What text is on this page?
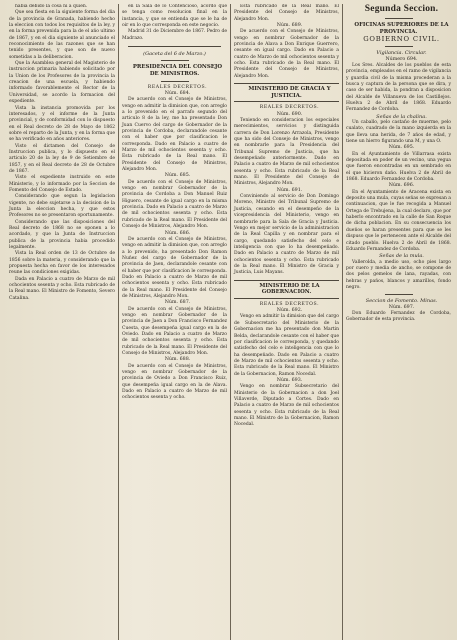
habia debido la cosa ni a quien.

Que sea fiesta en la siguiente forma del dia de la provincia de Granada, habiendo hecho la eleccion con todos los requisitos de la ley, y en la forma prevenida para la de el año ultimo de 1867, y en el dia siguiente al anunciado el reconocimiento de las razones que se han tenido presentes, y que son de nuevo sometidas a la deliberacion.

Que la Asamblea general del Magisterio de instruccion primaria habiendo solicitado por la Union de los Profesores de la provincia la creacion de una escuela, y habiendo informado favorablemente el Rector de la Universidad, se acordo la formacion del expediente.

Vista la instancia promovida por los interesados, y el informe de la Junta provincial, y de conformidad con lo dispuesto en el Real decreto de 28 de Mayo de 1862 sobre el reparto de la Junta, y en la forma que se ha verificado en años anteriores.

Visto el dictamen del Consejo de Instruccion publica, y lo dispuesto en el articulo 20 de la ley de 9 de Setiembre de 1857, y en el Real decreto de 28 de Octubre de 1867.

Visto el expediente instruido en este Ministerio, y lo informado por la Seccion de Fomento del Consejo de Estado.

Considerando que segun la legislacion vigente, no debe sujetarse a la decision de la Junta la eleccion hecha, y que estos Profesores no se presentaron oportunamente.

Considerando que las disposiciones del Real decreto de 1868 no se oponen a lo acordado, y que la Junta de Instruccion publica de la provincia habia procedido legalmente.

Vista la Real orden de 13 de Octubre de 1856 sobre la materia, y considerando que la propuesta hecha en favor de los interesados reune las condiciones exigidas.

Dada en Palacio a cuatro de Marzo de mil ochocientos sesenta y ocho. Esta rubricado de la Real mano. El Ministro de Fomento, Severo Catalina.

en la Sala de lo Contencioso, acordo que se tenga como resolucion final en la instancia, y que se entienda que se le ha de oir en lo que corresponda en este negocio.

Madrid 31 de Diciembre de 1867. Pedro de Madrazo.

(Gaceta del 6 de Marzo.)

PRESIDENCIA DEL CONSEJO DE MINISTROS.

REALES DECRETOS.

Núm. 684.

De acuerdo con el Consejo de Ministros, vengo en admitir la dimision que, con arreglo a lo prevenido en el parrafo segundo del articulo 8 de la ley, me ha presentado Don Juan Cuervo del cargo de Gobernador de la provincia de Cordoba, declarandole cesante con el haber que por clasificacion le corresponda. Dado en Palacio a cuatro de Marzo de mil ochocientos sesenta y ocho. Esta rubricado de la Real mano. El Presidente del Consejo de Ministros, Alejandro Mon.

Núm. 685.

De acuerdo con el Consejo de Ministros, vengo en nombrar Gobernador de la provincia de Cordoba a Don Manuel Ruiz Higuero, cesante de igual cargo en la misma provincia. Dado en Palacio a cuatro de Marzo de mil ochocientos sesenta y ocho. Esta rubricado de la Real mano. El Presidente del Consejo de Ministros, Alejandro Mon.

Núm. 686.

De acuerdo con el Consejo de Ministros, vengo en admitir la dimision que, con arreglo a lo prevenido, ha presentado Don Ramon Nuñez del cargo de Gobernador de la provincia de Jaen, declarandole cesante con el haber que por clasificacion le corresponda. Dado en Palacio a cuatro de Marzo de mil ochocientos sesenta y ocho. Esta rubricado de la Real mano. El Presidente del Consejo de Ministros, Alejandro Mon.

Núm. 687.

De acuerdo con el Consejo de Ministros, vengo en nombrar Gobernador de la provincia de Jaen a Don Francisco Fernandez Cuesta, que desempeña igual cargo en la de Oviedo. Dado en Palacio a cuatro de Marzo de mil ochocientos sesenta y ocho. Esta rubricado de la Real mano. El Presidente del Consejo de Ministros, Alejandro Mon.

Núm. 688.

De acuerdo con el Consejo de Ministros, vengo en nombrar Gobernador de la provincia de Oviedo a Don Francisco Ruiz, que desempeña igual cargo en la de Alava. Dado en Palacio a cuatro de Marzo de mil ochocientos sesenta y ocho.

Esta rubricado de la Real mano. El Presidente del Consejo de Ministros, Alejandro Mon.

Núm. 689.

De acuerdo con el Consejo de Ministros, vengo en nombrar Gobernador de la provincia de Alava a Don Enrique Guerrero, cesante en igual cargo. Dado en Palacio a cuatro de Marzo de mil ochocientos sesenta y ocho. Esta rubricado de la Real mano. El Presidente del Consejo de Ministros, Alejandro Mon.

MINISTERIO DE GRACIA Y JUSTICIA.

REALES DECRETOS.

Núm. 690.

Teniendo en consideracion los especiales merecimientos, servicios y distinguida carrera de Don Lorenzo Arrazola, Presidente que ha sido del Consejo de Ministros, vengo en nombrarle para la Presidencia del Tribunal Supremo de Justicia, que ha desempeñado anteriormente. Dado en Palacio a cuatro de Marzo de mil ochocientos sesenta y ocho. Esta rubricado de la Real mano. El Presidente del Consejo de Ministros, Alejandro Mon.

Núm. 691.

Conviniendo al servicio de Don Domingo Moreno, Ministro del Tribunal Supremo de Justicia, cesando en el desempeño de la vicepresidencia del Ministerio, vengo en nombrarle para la Sala de Gracia y Justicia. Vengo en mejor servicio de la administracion de la Real Capilla y en nombrar para el cargo, quedando satisfecho del celo e inteligencia con que lo ha desempeñado. Dado en Palacio a cuatro de Marzo de mil ochocientos sesenta y ocho. Esta rubricado de la Real mano. El Ministro de Gracia y Justicia, Luis Mayans.

MINISTERIO DE LA GOBERNACION.

REALES DECRETOS.

Núm. 692.

Vengo en admitir la dimision que del cargo de Subsecretario del Ministerio de la Gobernacion me ha presentado don Martin Belda, declarandole cesante con el haber que por clasificacion le corresponda, y quedando satisfecho del celo e inteligencia con que lo ha desempeñado. Dado en Palacio a cuatro de Marzo de mil ochocientos sesenta y ocho. Esta rubricado de la Real mano. El Ministro de la Gobernacion, Ramon Nocedal.

Núm. 693.

Vengo en nombrar Subsecretario del Ministerio de la Gobernacion a don Joel Villaverde, Diputado a Cortes. Dado en Palacio a cuatro de Marzo de mil ochocientos sesenta y ocho. Esta rubricado de la Real mano. El Ministro de la Gobernacion, Ramon Nocedal.

Segunda Seccion.

OFICINAS SUPERIORES DE LA PROVINCIA.

GOBIERNO CIVIL.

Vigilancia. Circular.

Número 694.

Los Sres. Alcaldes de los pueblos de esta provincia, empleados en el ramo de vigilancia y guardia civil de la misma procederan a la busca y captura de la persona que se dira, y caso de ser habida, la pondran a disposicion del Alcalde de Villanueva de los Castillejos. Huelva 2 de Abril de 1868. Eduardo Fernandez de Cordoba.

Señas de la chalina.

Un caballo, pelo castaño de muerme, pelo cualato, cuadrado de la mano izquierda en la que lleva una herida, de 7 años de edad, y tiene un hierro figurando una M, y una O.

Núm. 695.

En el Ayuntamiento de Villarrasa exista depositada en poder de un vecino, una yegua que fueron encontradas en un sembrado en el que hicieron daño. Huelva 2 de Abril de 1868. Eduardo Fernandez de Cordoba.

Núm. 696.

En el Ayuntamiento de Aracena exista en deposito una mula, cuyas señas se expresan a continuacion, que le fue recogida a Manuel Ortega de Trebujena, la cual declaro, que por haberlo encontrado en la calle de San Roque de dicha poblacion. En su consecuencia los dueños se haran presentes para que se les dispuso que le pertenecen ante el Alcalde del citado pueblo. Huelva 2 de Abril de 1868. Eduardo Fernandez de Cordoba.

Señas de la mula.

Vallerolda, a medio uso, ocho pies largo por cuero y media de ancho, se compone de dos pelos gemelos de lana, rayadas, con hebras y paños, blancos y amarillos, fondo negro.

Seccion de Fomento. Minas.

Núm. 697.

Don Eduardo Fernandez de Cordoba, Gobernador de esta provincia.
